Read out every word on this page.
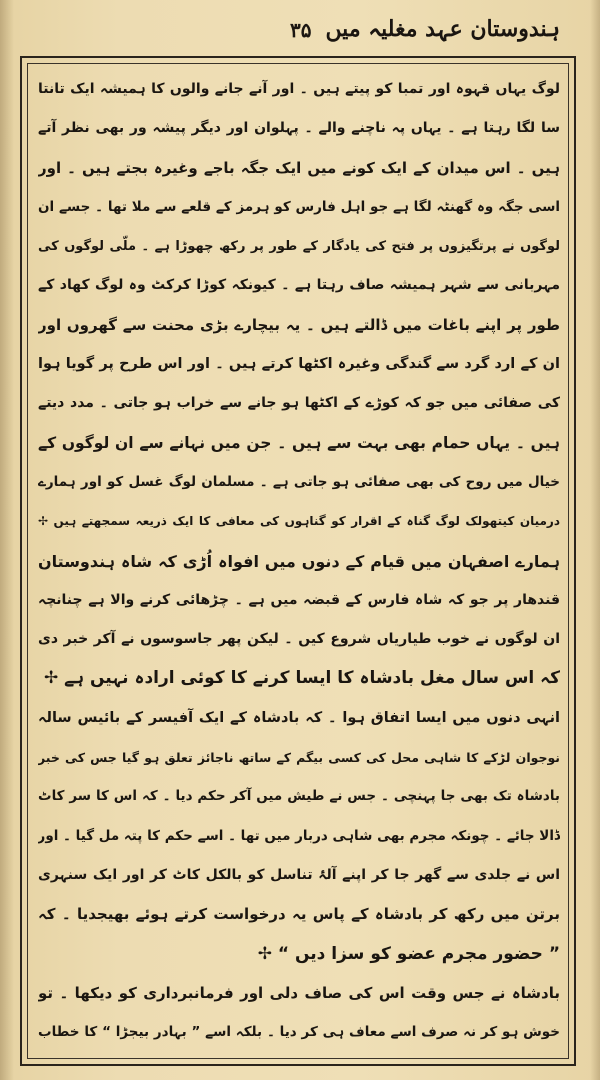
ہندوستان عہد مغلیہ میں
۳۵
لوگ یہاں قہوہ اور تمبا کو پیتے ہیں ۔ اور آنے جانے والوں کا ہمیشہ ایک تانتا
سا لگا رہتا ہے ۔ یہاں پہ ناچنے والے ۔ پہلوان اور دیگر پیشہ ور بھی نظر آتے
ہیں ۔ اس میدان کے ایک کونے میں ایک جگہ باجے وغیرہ بجتے ہیں ۔ اور
اسی جگہ وہ گھنٹہ لگا ہے جو اہل فارس کو ہرمز کے قلعے سے ملا تھا ۔ جسے ان
لوگوں نے پرتگیزوں پر فتح کی یادگار کے طور پر رکھ چھوڑا ہے ۔ ملّی لوگوں کی
مہربانی سے شہر ہمیشہ صاف رہتا ہے ۔ کیونکہ کوڑا کرکٹ وہ لوگ کھاد کے
طور پر اپنے باغات میں ڈالتے ہیں ۔ یہ بیچارے بڑی محنت سے گھروں اور
ان کے ارد گرد سے گندگی وغیرہ اکٹھا کرتے ہیں ۔ اور اس طرح پر گویا ہوا
کی صفائی میں جو کہ کوڑے کے اکٹھا ہو جانے سے خراب ہو جاتی ۔ مدد دیتے
ہیں ۔ یہاں حمام بھی بہت سے ہیں ۔ جن میں نہانے سے ان لوگوں کے
خیال میں روح کی بھی صفائی ہو جاتی ہے ۔ مسلمان لوگ غسل کو اور ہمارے
درمیان کیتھولک لوگ گناہ کے اقرار کو گناہوں کی معافی کا ایک ذریعہ سمجھتے ہیں ✢
ہمارے اصفہان میں قیام کے دنوں میں افواہ اُڑی کہ شاہ ہندوستان
قندھار پر جو کہ شاہ فارس کے قبضہ میں ہے ۔ چڑھائی کرنے والا ہے چنانچہ
ان لوگوں نے خوب طیاریاں شروع کیں ۔ لیکن پھر جاسوسوں نے آکر خبر دی
کہ اس سال مغل بادشاہ کا ایسا کرنے کا کوئی ارادہ نہیں ہے ✢
انہی دنوں میں ایسا اتفاق ہوا ۔ کہ بادشاہ کے ایک آفیسر کے بائیس سالہ
نوجوان لڑکے کا شاہی محل کی کسی بیگم کے ساتھ ناجائز تعلق ہو گیا جس کی خبر
بادشاہ تک بھی جا پہنچی ۔ جس نے طیش میں آکر حکم دیا ۔ کہ اس کا سر کاٹ
ڈالا جائے ۔ چونکہ مجرم بھی شاہی دربار میں تھا ۔ اسے حکم کا پتہ مل گیا ۔ اور
اس نے جلدی سے گھر جا کر اپنے آلۂ تناسل کو بالکل کاٹ کر اور ایک سنہری
برتن میں رکھ کر بادشاہ کے پاس یہ درخواست کرتے ہوئے بھیجدیا ۔ کہ
” حضور مجرم عضو کو سزا دیں “ ✢
بادشاہ نے جس وقت اس کی صاف دلی اور فرمانبرداری کو دیکھا ۔ تو
خوش ہو کر نہ صرف اسے معاف ہی کر دیا ۔ بلکہ اسے ” بہادر بیجڑا “ کا خطاب
